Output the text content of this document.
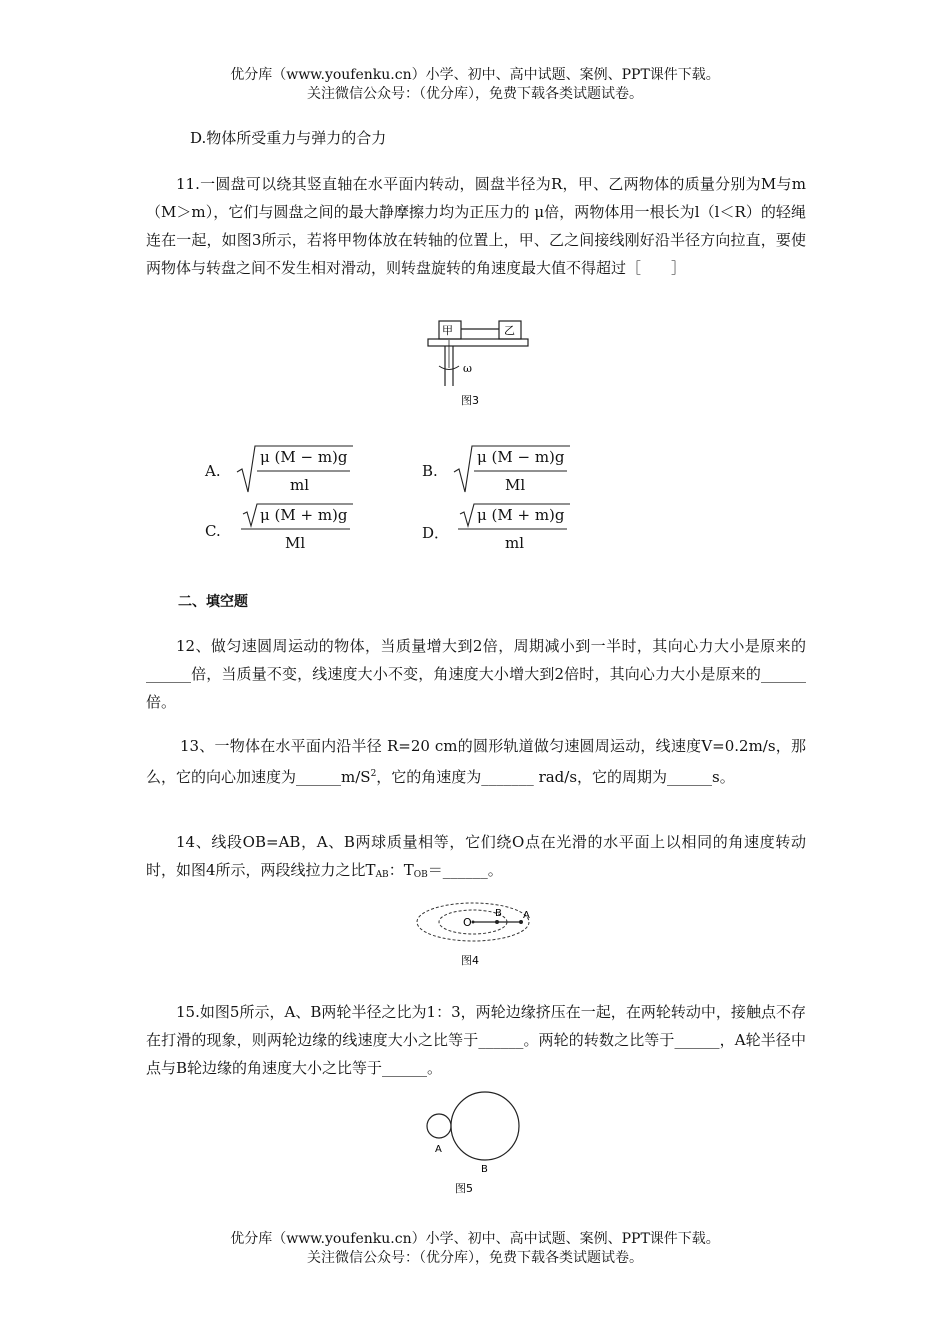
优分库（www.youfenku.cn）小学、初中、高中试题、案例、PPT课件下载。
关注微信公众号：（优分库），免费下载各类试题试卷。
D.物体所受重力与弹力的合力
11.一圆盘可以绕其竖直轴在水平面内转动，圆盘半径为R，甲、乙两物体的质量分别为M与m（M＞m），它们与圆盘之间的最大静摩擦力均为正压力的 μ倍，两物体用一根长为l（l＜R）的轻绳连在一起，如图3所示，若将甲物体放在转轴的位置上，甲、乙之间接线刚好沿半径方向拉直，要使两物体与转盘之间不发生相对滑动，则转盘旋转的角速度最大值不得超过［　　］
甲	乙
ω
图3
A.
μ (M − m)g
ml
B.
μ (M − m)g
Ml
C.
μ (M + m)g
Ml
D．
μ (M + m)g
ml
二、填空题
12、做匀速圆周运动的物体，当质量增大到2倍，周期减小到一半时，其向心力大小是原来的______倍，当质量不变，线速度大小不变，角速度大小增大到2倍时，其向心力大小是原来的______倍。
13、一物体在水平面内沿半径 R=20 cm的圆形轨道做匀速圆周运动，线速度V=0.2m/s，那么，它的向心加速度为$\_\_\_\_\_\_m/S^2$，它的角速度为_______ rad/s，它的周期为______s。
14、线段OB=AB，A、B两球质量相等，它们绕O点在光滑的水平面上以相同的角速度转动时，如图4所示，两段线拉力之比$T_{AB}$：$T_{OB}=\_\_\_\_\_\_$。
O
B A
图4
15.如图5所示，A、B两轮半径之比为1：3，两轮边缘挤压在一起，在两轮转动中，接触点不存在打滑的现象，则两轮边缘的线速度大小之比等于______。两轮的转数之比等于______，A轮半径中点与B轮边缘的角速度大小之比等于______。
A
B
图5
优分库（www.youfenku.cn）小学、初中、高中试题、案例、PPT课件下载。
关注微信公众号：（优分库），免费下载各类试题试卷。
